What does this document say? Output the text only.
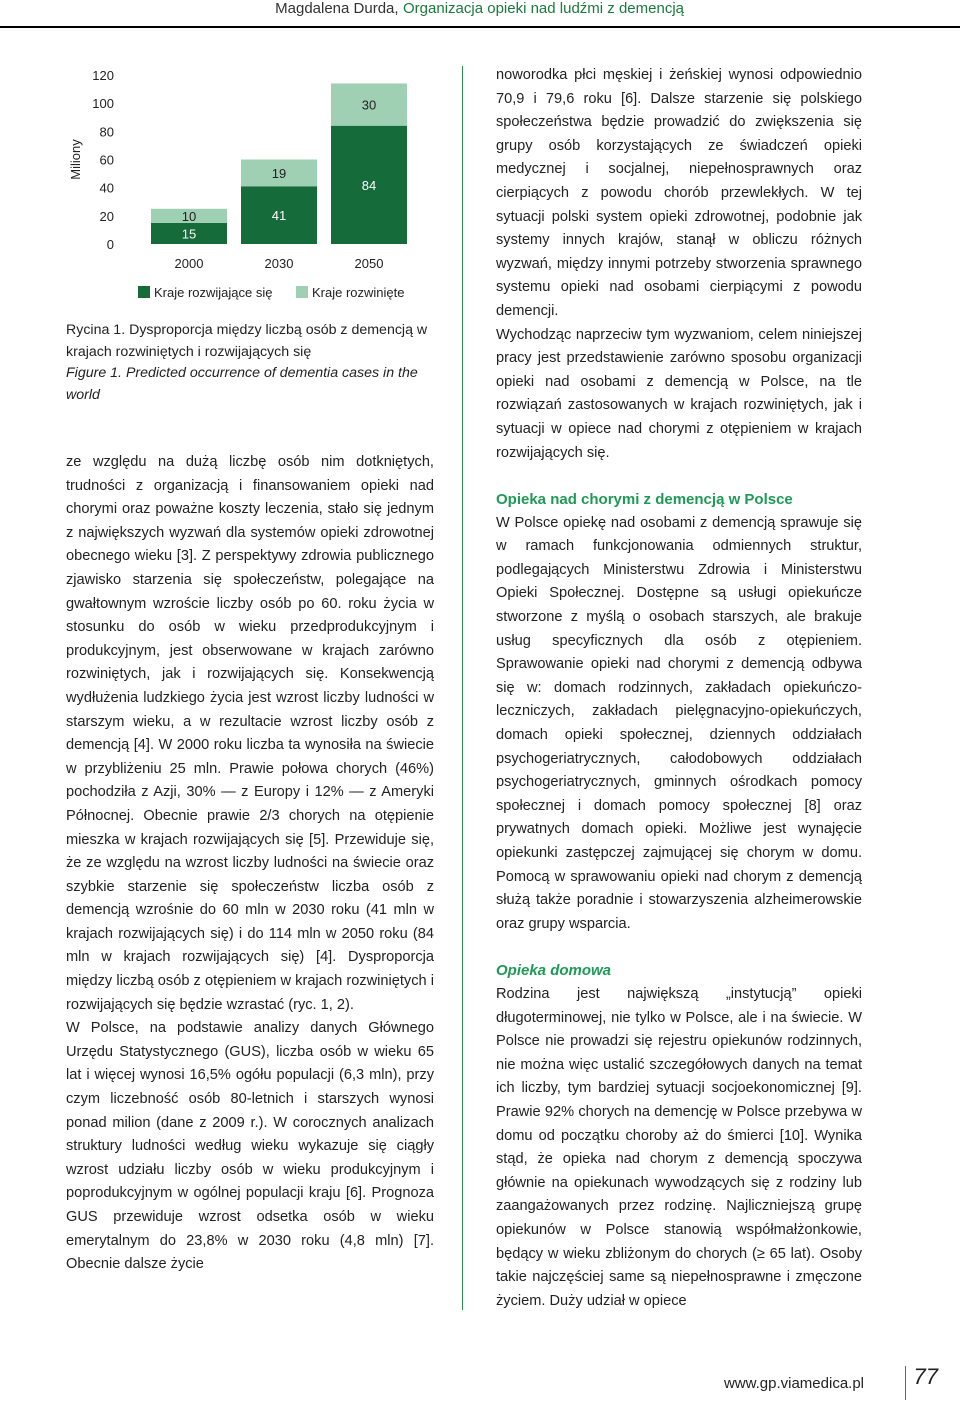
Magdalena Durda, Organizacja opieki nad ludźmi z demencją
Miliony
0
20
40
60
80
100
120
15
10
2000
41
19
2030
84
30
2050
Kraje rozwijające się	Kraje rozwinięte
Rycina 1. Dysproporcja między liczbą osób z demencją w krajach rozwiniętych i rozwijających się
Figure 1. Predicted occurrence of dementia cases in the world

ze względu na dużą liczbę osób nim dotkniętych, trudności z organizacją i finansowaniem opieki nad chorymi oraz poważne koszty leczenia, stało się jednym z największych wyzwań dla systemów opieki zdrowotnej obecnego wieku [3]. Z perspektywy zdrowia publicznego zjawisko starzenia się społeczeństw, polegające na gwałtownym wzroście liczby osób po 60. roku życia w stosunku do osób w wieku przedprodukcyjnym i produkcyjnym, jest obserwowane w krajach zarówno rozwiniętych, jak i rozwijających się. Konsekwencją wydłużenia ludzkiego życia jest wzrost liczby ludności w starszym wieku, a w rezultacie wzrost liczby osób z demencją [4]. W 2000 roku liczba ta wynosiła na świecie w przybliżeniu 25 mln. Prawie połowa chorych (46%) pochodziła z Azji, 30% — z Europy i 12% — z Ameryki Północnej. Obecnie prawie 2/3 chorych na otępienie mieszka w krajach rozwijających się [5]. Przewiduje się, że ze względu na wzrost liczby ludności na świecie oraz szybkie starzenie się społeczeństw liczba osób z demencją wzrośnie do 60 mln w 2030 roku (41 mln w krajach rozwijających się) i do 114 mln w 2050 roku (84 mln w krajach rozwijających się) [4]. Dysproporcja między liczbą osób z otępieniem w krajach rozwiniętych i rozwijających się będzie wzrastać (ryc. 1, 2).

W Polsce, na podstawie analizy danych Głównego Urzędu Statystycznego (GUS), liczba osób w wieku 65 lat i więcej wynosi 16,5% ogółu populacji (6,3 mln), przy czym liczebność osób 80-letnich i starszych wynosi ponad milion (dane z 2009 r.). W corocznych analizach struktury ludności według wieku wykazuje się ciągły wzrost udziału liczby osób w wieku produkcyjnym i poprodukcyjnym w ogólnej populacji kraju [6]. Prognoza GUS przewiduje wzrost odsetka osób w wieku emerytalnym do 23,8% w 2030 roku (4,8 mln) [7]. Obecnie dalsze życie

noworodka płci męskiej i żeńskiej wynosi odpowiednio 70,9 i 79,6 roku [6]. Dalsze starzenie się polskiego społeczeństwa będzie prowadzić do zwiększenia się grupy osób korzystających ze świadczeń opieki medycznej i socjalnej, niepełnosprawnych oraz cierpiących z powodu chorób przewlekłych. W tej sytuacji polski system opieki zdrowotnej, podobnie jak systemy innych krajów, stanął w obliczu różnych wyzwań, między innymi potrzeby stworzenia sprawnego systemu opieki nad osobami cierpiącymi z powodu demencji.

Wychodząc naprzeciw tym wyzwaniom, celem niniejszej pracy jest przedstawienie zarówno sposobu organizacji opieki nad osobami z demencją w Polsce, na tle rozwiązań zastosowanych w krajach rozwiniętych, jak i sytuacji w opiece nad chorymi z otępieniem w krajach rozwijających się.

Opieka nad chorymi z demencją w Polsce

W Polsce opiekę nad osobami z demencją sprawuje się w ramach funkcjonowania odmiennych struktur, podlegających Ministerstwu Zdrowia i Ministerstwu Opieki Społecznej. Dostępne są usługi opiekuńcze stworzone z myślą o osobach starszych, ale brakuje usług specyficznych dla osób z otępieniem. Sprawowanie opieki nad chorymi z demencją odbywa się w: domach rodzinnych, zakładach opiekuńczo-leczniczych, zakładach pielęgnacyjno-opiekuńczych, domach opieki społecznej, dziennych oddziałach psychogeriatrycznych, całodobowych oddziałach psychogeriatrycznych, gminnych ośrodkach pomocy społecznej i domach pomocy społecznej [8] oraz prywatnych domach opieki. Możliwe jest wynajęcie opiekunki zastępczej zajmującej się chorym w domu. Pomocą w sprawowaniu opieki nad chorym z demencją służą także poradnie i stowarzyszenia alzheimerowskie oraz grupy wsparcia.

Opieka domowa

Rodzina jest największą „instytucją” opieki długoterminowej, nie tylko w Polsce, ale i na świecie. W Polsce nie prowadzi się rejestru opiekunów rodzinnych, nie można więc ustalić szczegółowych danych na temat ich liczby, tym bardziej sytuacji socjoekonomicznej [9]. Prawie 92% chorych na demencję w Polsce przebywa w domu od początku choroby aż do śmierci [10]. Wynika stąd, że opieka nad chorym z demencją spoczywa głównie na opiekunach wywodzących się z rodziny lub zaangażowanych przez rodzinę. Najliczniejszą grupę opiekunów w Polsce stanowią współmałżonkowie, będący w wieku zbliżonym do chorych (≥ 65 lat). Osoby takie najczęściej same są niepełnosprawne i zmęczone życiem. Duży udział w opiece

www.gp.viamedica.pl 77
